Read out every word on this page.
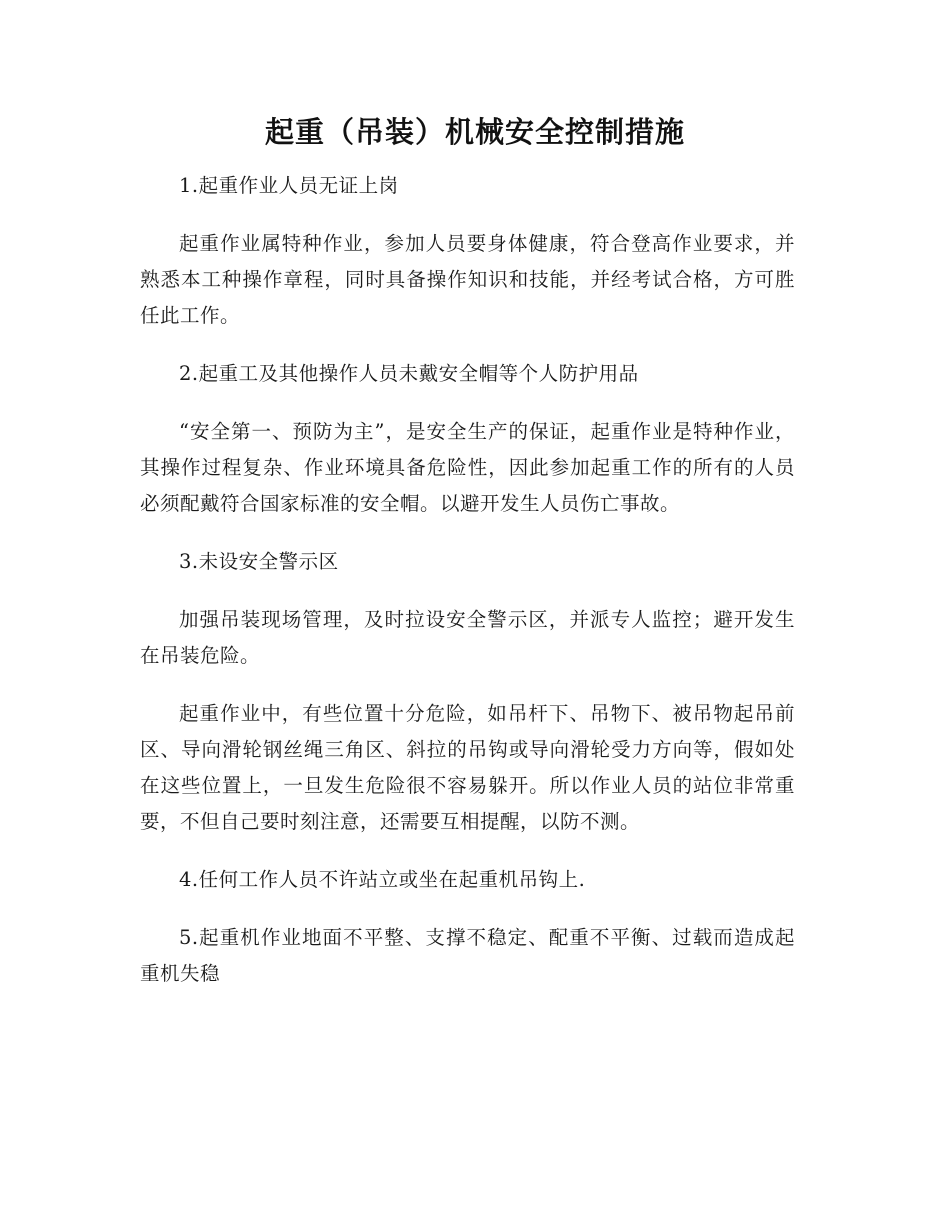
起重（吊装）机械安全控制措施

1.起重作业人员无证上岗

起重作业属特种作业，参加人员要身体健康，符合登高作业要求，并熟悉本工种操作章程，同时具备操作知识和技能，并经考试合格，方可胜任此工作。

2.起重工及其他操作人员未戴安全帽等个人防护用品

“安全第一、预防为主”，是安全生产的保证，起重作业是特种作业，其操作过程复杂、作业环境具备危险性，因此参加起重工作的所有的人员必须配戴符合国家标准的安全帽。以避开发生人员伤亡事故。

3.未设安全警示区

加强吊装现场管理，及时拉设安全警示区，并派专人监控；避开发生在吊装危险。

起重作业中，有些位置十分危险，如吊杆下、吊物下、被吊物起吊前区、导向滑轮钢丝绳三角区、斜拉的吊钩或导向滑轮受力方向等，假如处在这些位置上，一旦发生危险很不容易躲开。所以作业人员的站位非常重要，不但自己要时刻注意，还需要互相提醒，以防不测。

4.任何工作人员不许站立或坐在起重机吊钩上.

5.起重机作业地面不平整、支撑不稳定、配重不平衡、过载而造成起重机失稳
